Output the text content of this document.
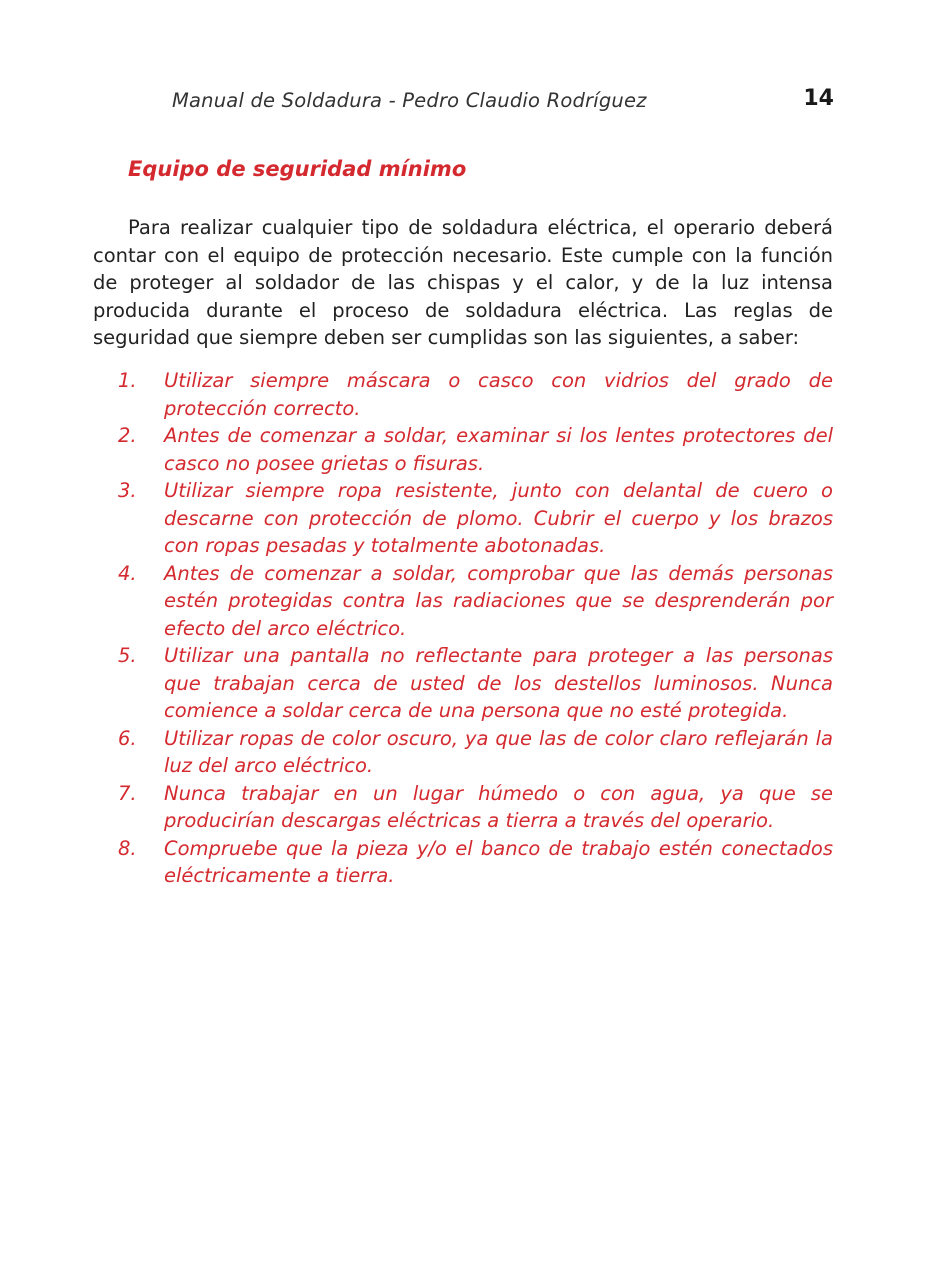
Manual de Soldadura - Pedro Claudio Rodríguez	14
Equipo de seguridad mínimo

Para realizar cualquier tipo de soldadura eléctrica, el operario deberá contar con el equipo de protección necesario. Este cumple con la función de proteger al soldador de las chispas y el calor, y de la luz intensa producida durante el proceso de soldadura eléctrica. Las reglas de seguridad que siempre deben ser cumplidas son las siguientes, a saber:

1.	Utilizar siempre máscara o casco con vidrios del grado de protección correcto.
2.	Antes de comenzar a soldar, examinar si los lentes protectores del casco no posee grietas o fisuras.
3.	Utilizar siempre ropa resistente, junto con delantal de cuero o descarne con protección de plomo. Cubrir el cuerpo y los brazos con ropas pesadas y totalmente abotonadas.
4.	Antes de comenzar a soldar, comprobar que las demás personas estén protegidas contra las radiaciones que se desprenderán por efecto del arco eléctrico.
5.	Utilizar una pantalla no reflectante para proteger a las personas que trabajan cerca de usted de los destellos luminosos. Nunca comience a soldar cerca de una persona que no esté protegida.
6.	Utilizar ropas de color oscuro, ya que las de color claro reflejarán la luz del arco eléctrico.
7.	Nunca trabajar en un lugar húmedo o con agua, ya que se producirían descargas eléctricas a tierra a través del operario.
8.	Compruebe que la pieza y/o el banco de trabajo estén conectados eléctricamente a tierra.
